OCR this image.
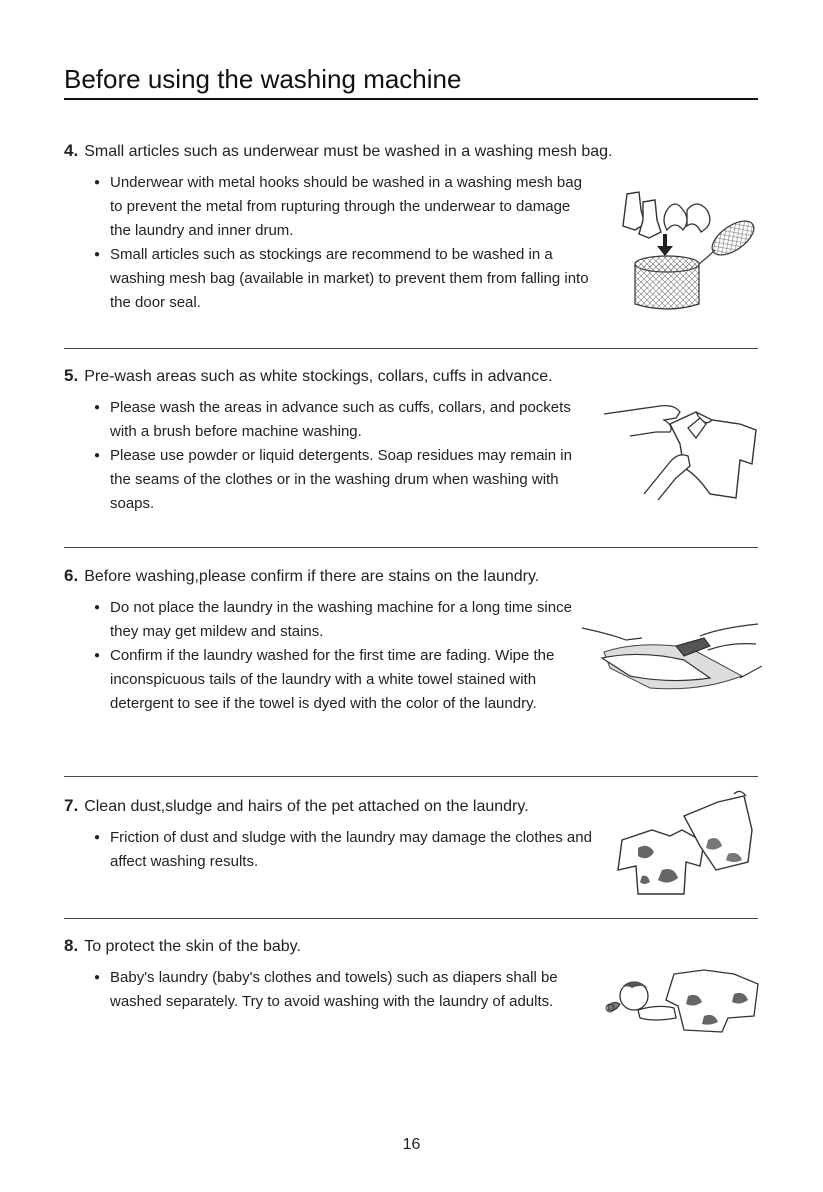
Before using the washing machine
4. Small articles such as underwear must be washed in a washing mesh bag.
● Underwear with metal hooks should be washed in a washing mesh bag to prevent the metal from rupturing through the underwear to damage the laundry and inner drum.
● Small articles such as stockings are recommend to be washed in a washing mesh bag (available in market) to prevent them from falling into the door seal.
5. Pre-wash areas such as white stockings, collars, cuffs in advance.
● Please wash the areas in advance such as cuffs, collars, and pockets with a brush before machine washing.
● Please use powder or liquid detergents. Soap residues may remain in the seams of the clothes or in the washing drum when washing with soaps.
6. Before washing,please confirm if there are stains on the laundry.
● Do not place the laundry in the washing machine for a long time since they may get mildew and stains.
● Confirm if the laundry washed for the first time are fading. Wipe the inconspicuous tails of the laundry with a white towel stained with detergent to see if the towel is dyed with the color of the laundry.
7. Clean dust,sludge and hairs of the pet attached on the laundry.
● Friction of dust and sludge with the laundry may damage the clothes and affect washing results.
8. To protect the skin of the baby.
● Baby's laundry (baby's clothes and towels) such as diapers shall be washed separately. Try to avoid washing with the laundry of adults.
16
